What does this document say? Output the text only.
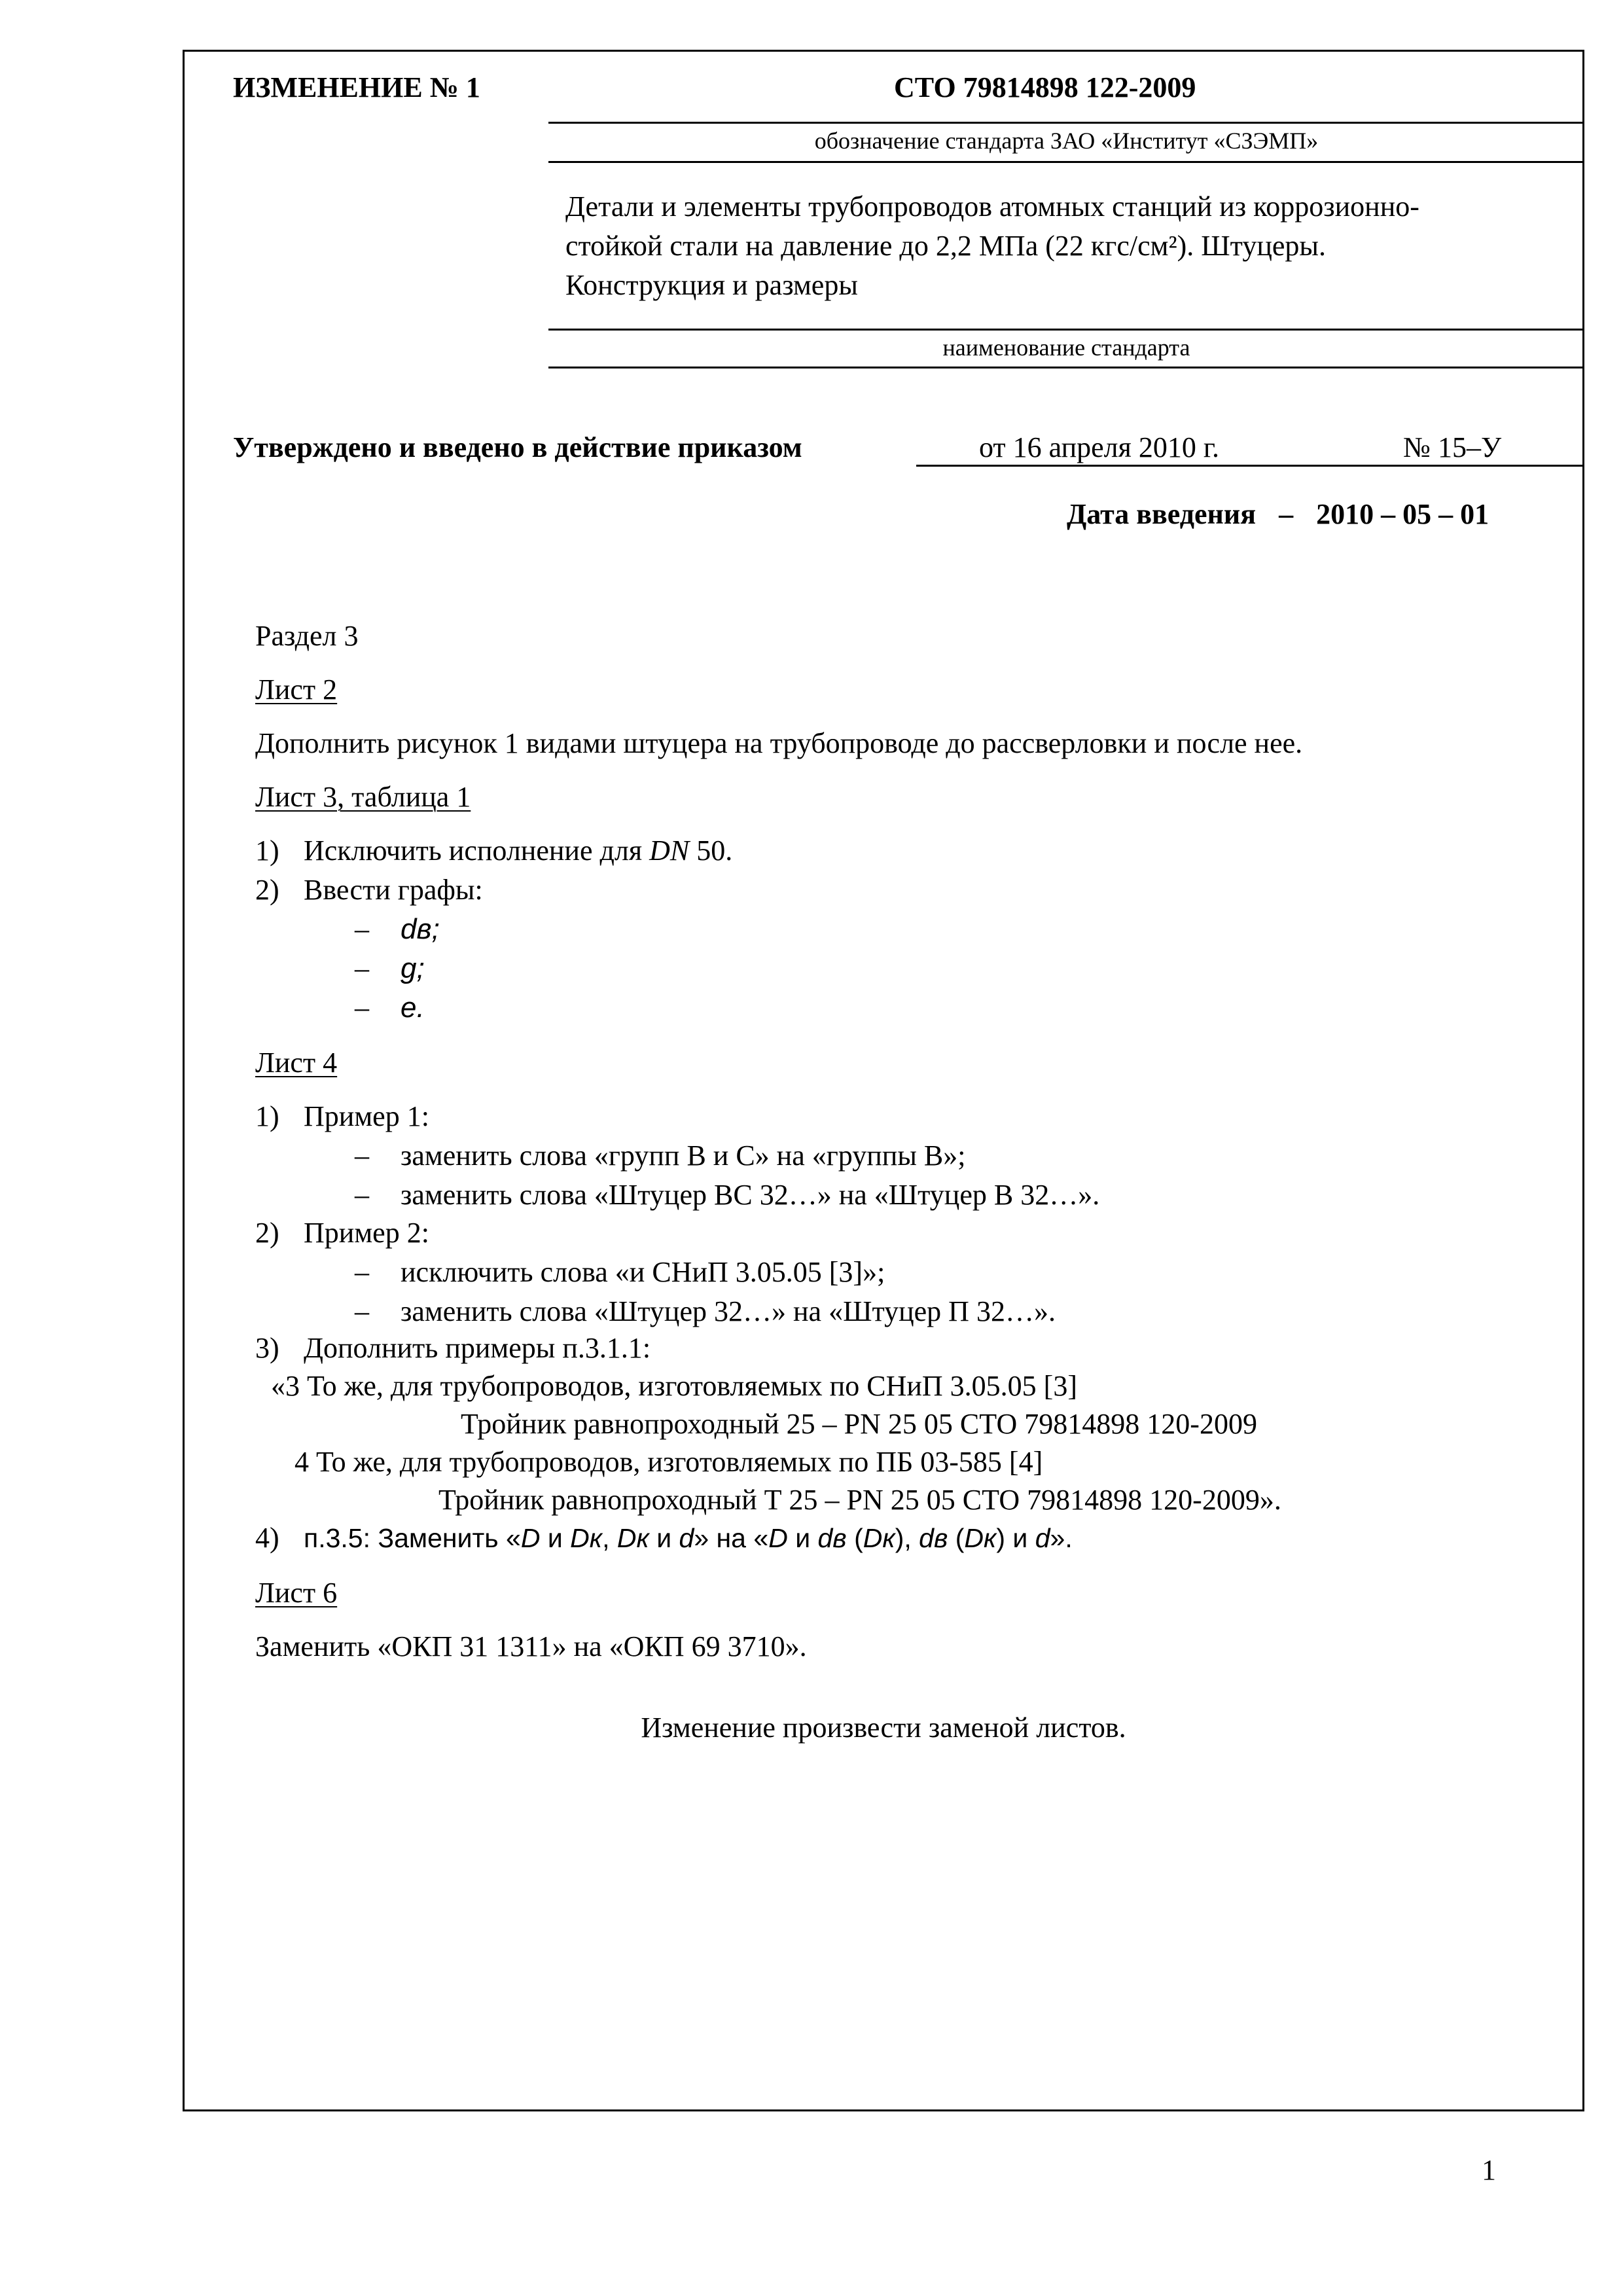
ИЗМЕНЕНИЕ № 1	СТО 79814898 122-2009
обозначение стандарта ЗАО «Институт «СЗЭМП»
Детали и элементы трубопроводов атомных станций из коррозионно-
стойкой стали на давление до 2,2 МПа (22 кгс/см²). Штуцеры.
Конструкция и размеры
наименование стандарта
Утверждено и введено в действие приказом	от 16 апреля 2010 г.	№ 15–У
Дата введения – 2010 – 05 – 01
Раздел 3
Лист 2
Дополнить рисунок 1 видами штуцера на трубопроводе до рассверловки и после нее.
Лист 3, таблица 1
1) Исключить исполнение для DN 50.
2) Ввести графы:
– dв;
– g;
– e.
Лист 4
1) Пример 1:
– заменить слова «групп В и С» на «группы В»;
– заменить слова «Штуцер ВС 32…» на «Штуцер В 32…».
2) Пример 2:
– исключить слова «и СНиП 3.05.05 [3]»;
– заменить слова «Штуцер 32…» на «Штуцер П 32…».
3) Дополнить примеры п.3.1.1:
«3 То же, для трубопроводов, изготовляемых по СНиП 3.05.05 [3]
Тройник равнопроходный 25 – PN 25 05 СТО 79814898 120-2009
4 То же, для трубопроводов, изготовляемых по ПБ 03-585 [4]
Тройник равнопроходный Т 25 – PN 25 05 СТО 79814898 120-2009».
4) п.3.5: Заменить «D и Dк, Dк и d» на «D и dв (Dк), dв (Dк) и d».
Лист 6
Заменить «ОКП 31 1311» на «ОКП 69 3710».
Изменение произвести заменой листов.
1
